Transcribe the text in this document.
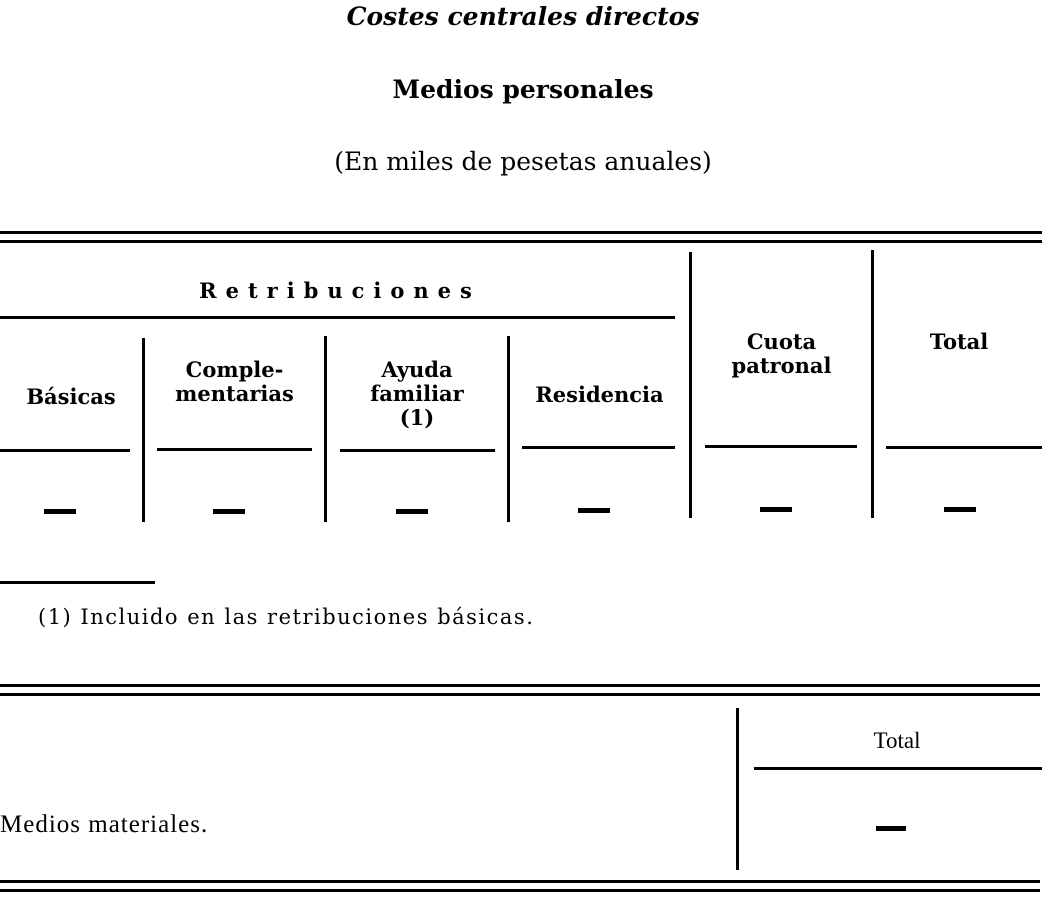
Costes centrales directos
Medios personales
(En miles de pesetas anuales)
Retribuciones
Básicas
Comple-
mentarias
Ayuda
familiar
(1)
Residencia
Cuota
patronal
Total
(1) Incluido en las retribuciones básicas.
Total
Medios materiales.
